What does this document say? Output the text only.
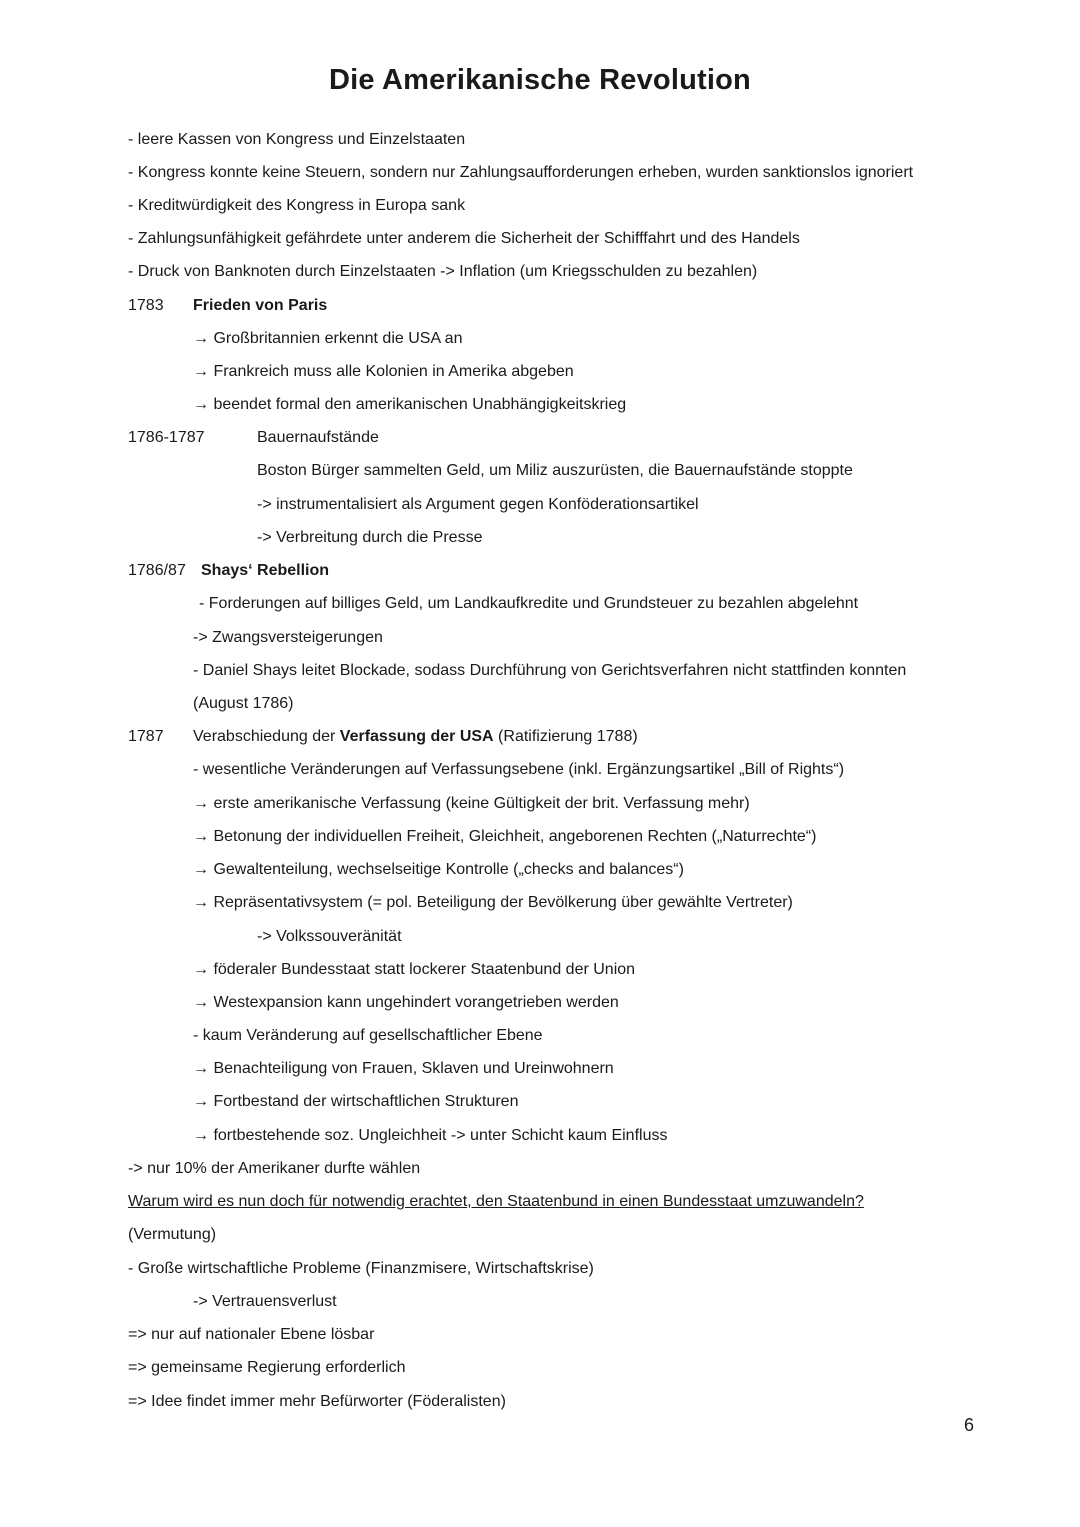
Die Amerikanische Revolution
- leere Kassen von Kongress und Einzelstaaten
- Kongress konnte keine Steuern, sondern nur Zahlungsaufforderungen erheben, wurden sanktionslos ignoriert
- Kreditwürdigkeit des Kongress in Europa sank
- Zahlungsunfähigkeit gefährdete unter anderem die Sicherheit der Schifffahrt und des Handels
- Druck von Banknoten durch Einzelstaaten -> Inflation (um Kriegsschulden zu bezahlen)
1783 Frieden von Paris
→ Großbritannien erkennt die USA an
→ Frankreich muss alle Kolonien in Amerika abgeben
→ beendet formal den amerikanischen Unabhängigkeitskrieg
1786-1787	Bauernaufstände
Boston Bürger sammelten Geld, um Miliz auszurüsten, die Bauernaufstände stoppte
-> instrumentalisiert als Argument gegen Konföderationsartikel
-> Verbreitung durch die Presse
1786/87 Shays‘ Rebellion
- Forderungen auf billiges Geld, um Landkaufkredite und Grundsteuer zu bezahlen abgelehnt
-> Zwangsversteigerungen
- Daniel Shays leitet Blockade, sodass Durchführung von Gerichtsverfahren nicht stattfinden konnten
(August 1786)
1787 Verabschiedung der Verfassung der USA (Ratifizierung 1788)
- wesentliche Veränderungen auf Verfassungsebene (inkl. Ergänzungsartikel „Bill of Rights“)
→ erste amerikanische Verfassung (keine Gültigkeit der brit. Verfassung mehr)
→ Betonung der individuellen Freiheit, Gleichheit, angeborenen Rechten („Naturrechte“)
→ Gewaltenteilung, wechselseitige Kontrolle („checks and balances“)
→ Repräsentativsystem (= pol. Beteiligung der Bevölkerung über gewählte Vertreter)
-> Volkssouveränität
→ föderaler Bundesstaat statt lockerer Staatenbund der Union
→ Westexpansion kann ungehindert vorangetrieben werden
- kaum Veränderung auf gesellschaftlicher Ebene
→ Benachteiligung von Frauen, Sklaven und Ureinwohnern
→ Fortbestand der wirtschaftlichen Strukturen
→ fortbestehende soz. Ungleichheit -> unter Schicht kaum Einfluss
-> nur 10% der Amerikaner durfte wählen
Warum wird es nun doch für notwendig erachtet, den Staatenbund in einen Bundesstaat umzuwandeln?
(Vermutung)
- Große wirtschaftliche Probleme (Finanzmisere, Wirtschaftskrise)
-> Vertrauensverlust
=> nur auf nationaler Ebene lösbar
=> gemeinsame Regierung erforderlich
=> Idee findet immer mehr Befürworter (Föderalisten)
6
